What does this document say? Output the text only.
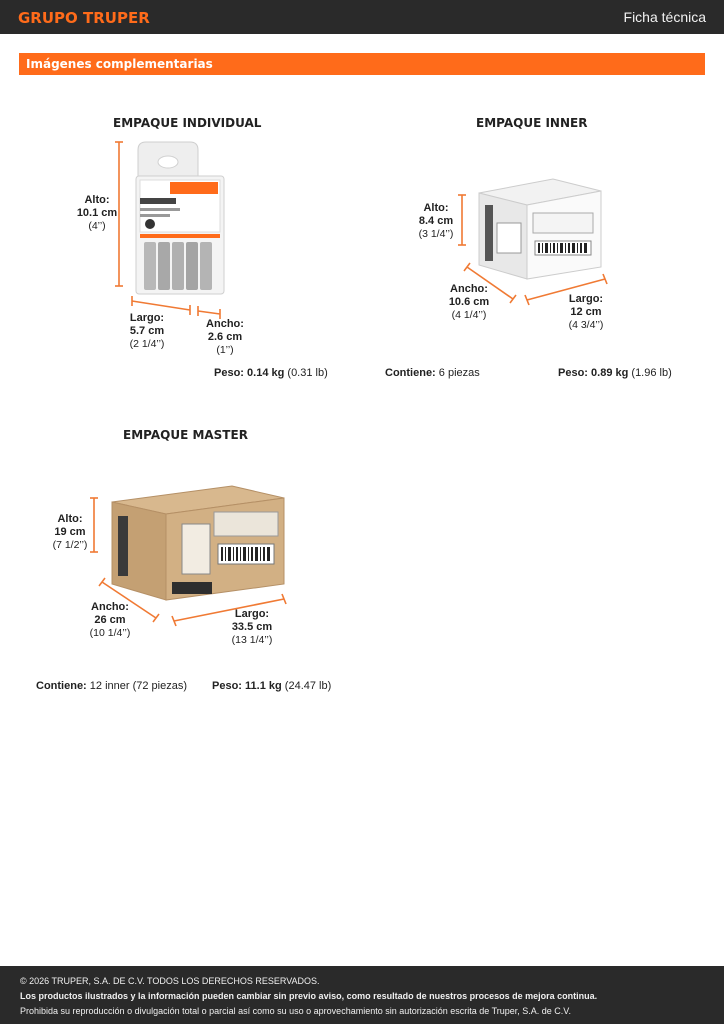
GRUPO TRUPER	Ficha técnica
Imágenes complementarias
EMPAQUE INDIVIDUAL
Alto:
10.1 cm
(4’’)
Largo:
5.7 cm
(2 1/4’’)
Ancho:
2.6 cm
(1’’)
Peso: 0.14 kg (0.31 lb)
EMPAQUE INNER
Alto:
8.4 cm
(3 1/4’’)
Ancho:
10.6 cm
(4 1/4’’)
Largo:
12 cm
(4 3/4’’)
Contiene: 6 piezas	Peso: 0.89 kg (1.96 lb)
EMPAQUE MASTER
Alto:
19 cm
(7 1/2’’)
Ancho:
26 cm
(10 1/4’’)
Largo:
33.5 cm
(13 1/4’’)
Contiene: 12 inner (72 piezas) Peso: 11.1 kg (24.47 lb)
© 2026 TRUPER, S.A. DE C.V. TODOS LOS DERECHOS RESERVADOS.
Los productos ilustrados y la información pueden cambiar sin previo aviso, como resultado de nuestros procesos de mejora continua.
Prohibida su reproducción o divulgación total o parcial así como su uso o aprovechamiento sin autorización escrita de Truper, S.A. de C.V.
